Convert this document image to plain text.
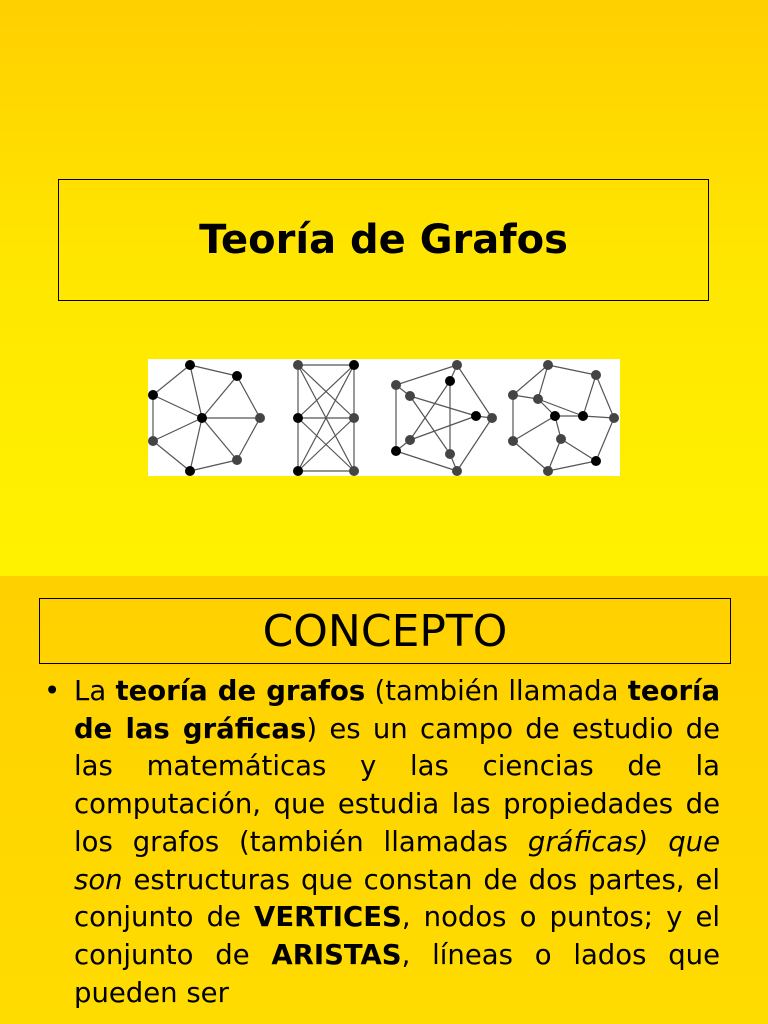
Teoría de Grafos
CONCEPTO
• La teoría de grafos (también llamada teoría de las gráficas) es un campo de estudio de las matemáticas y las ciencias de la computación, que estudia las propiedades de los grafos (también llamadas gráficas) que son estructuras que constan de dos partes, el conjunto de VERTICES, nodos o puntos; y el conjunto de ARISTAS, líneas o lados que pueden ser
